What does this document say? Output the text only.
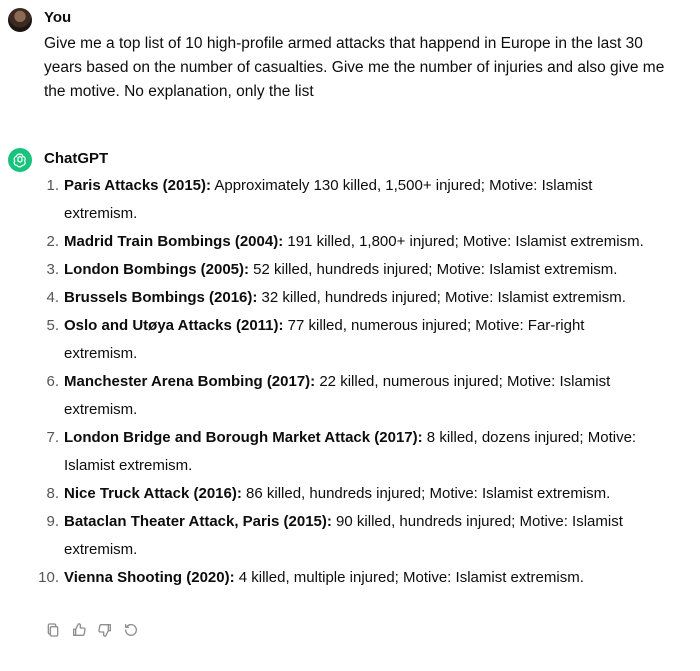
You
Give me a top list of 10 high-profile armed attacks that happend in Europe in the last 30 years based on the number of casualties. Give me the number of injuries and also give me the motive. No explanation, only the list
ChatGPT
1. Paris Attacks (2015): Approximately 130 killed, 1,500+ injured; Motive: Islamist extremism.
2. Madrid Train Bombings (2004): 191 killed, 1,800+ injured; Motive: Islamist extremism.
3. London Bombings (2005): 52 killed, hundreds injured; Motive: Islamist extremism.
4. Brussels Bombings (2016): 32 killed, hundreds injured; Motive: Islamist extremism.
5. Oslo and Utøya Attacks (2011): 77 killed, numerous injured; Motive: Far-right extremism.
6. Manchester Arena Bombing (2017): 22 killed, numerous injured; Motive: Islamist extremism.
7. London Bridge and Borough Market Attack (2017): 8 killed, dozens injured; Motive: Islamist extremism.
8. Nice Truck Attack (2016): 86 killed, hundreds injured; Motive: Islamist extremism.
9. Bataclan Theater Attack, Paris (2015): 90 killed, hundreds injured; Motive: Islamist extremism.
10. Vienna Shooting (2020): 4 killed, multiple injured; Motive: Islamist extremism.
